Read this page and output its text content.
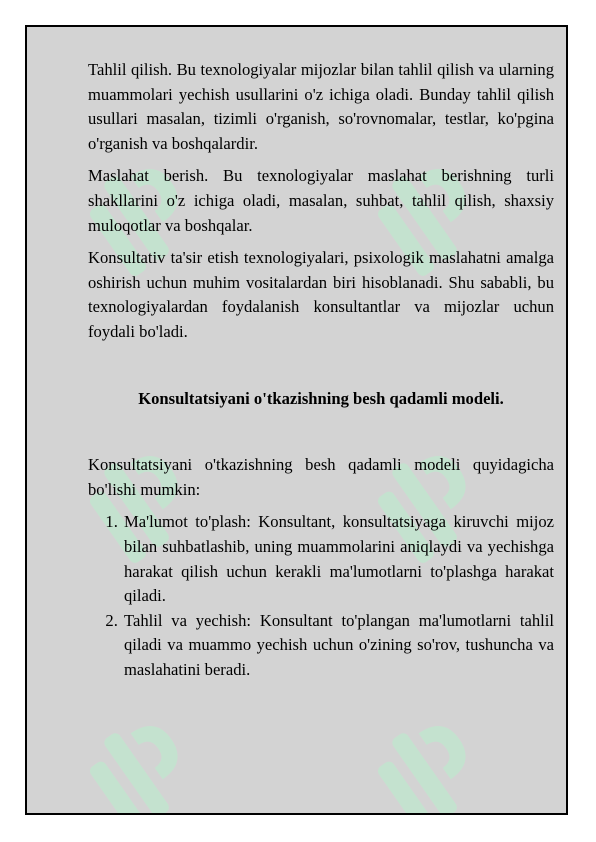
Tahlil qilish. Bu texnologiyalar mijozlar bilan tahlil qilish va ularning muammolari yechish usullarini o'z ichiga oladi. Bunday tahlil qilish usullari masalan, tizimli o'rganish, so'rovnomalar, testlar, ko'pgina o'rganish va boshqalardir.

Maslahat berish. Bu texnologiyalar maslahat berishning turli shakllarini o'z ichiga oladi, masalan, suhbat, tahlil qilish, shaxsiy muloqotlar va boshqalar.

Konsultativ ta'sir etish texnologiyalari, psixologik maslahatni amalga oshirish uchun muhim vositalardan biri hisoblanadi. Shu sababli, bu texnologiyalardan foydalanish konsultantlar va mijozlar uchun foydali bo'ladi.

Konsultatsiyani o'tkazishning besh qadamli modeli.

Konsultatsiyani o'tkazishning besh qadamli modeli quyidagicha bo'lishi mumkin:

1. Ma'lumot to'plash: Konsultant, konsultatsiyaga kiruvchi mijoz bilan suhbatlashib, uning muammolarini aniqlaydi va yechishga harakat qilish uchun kerakli ma'lumotlarni to'plashga harakat qiladi.
2. Tahlil va yechish: Konsultant to'plangan ma'lumotlarni tahlil qiladi va muammo yechish uchun o'zining so'rov, tushuncha va maslahatini beradi.
